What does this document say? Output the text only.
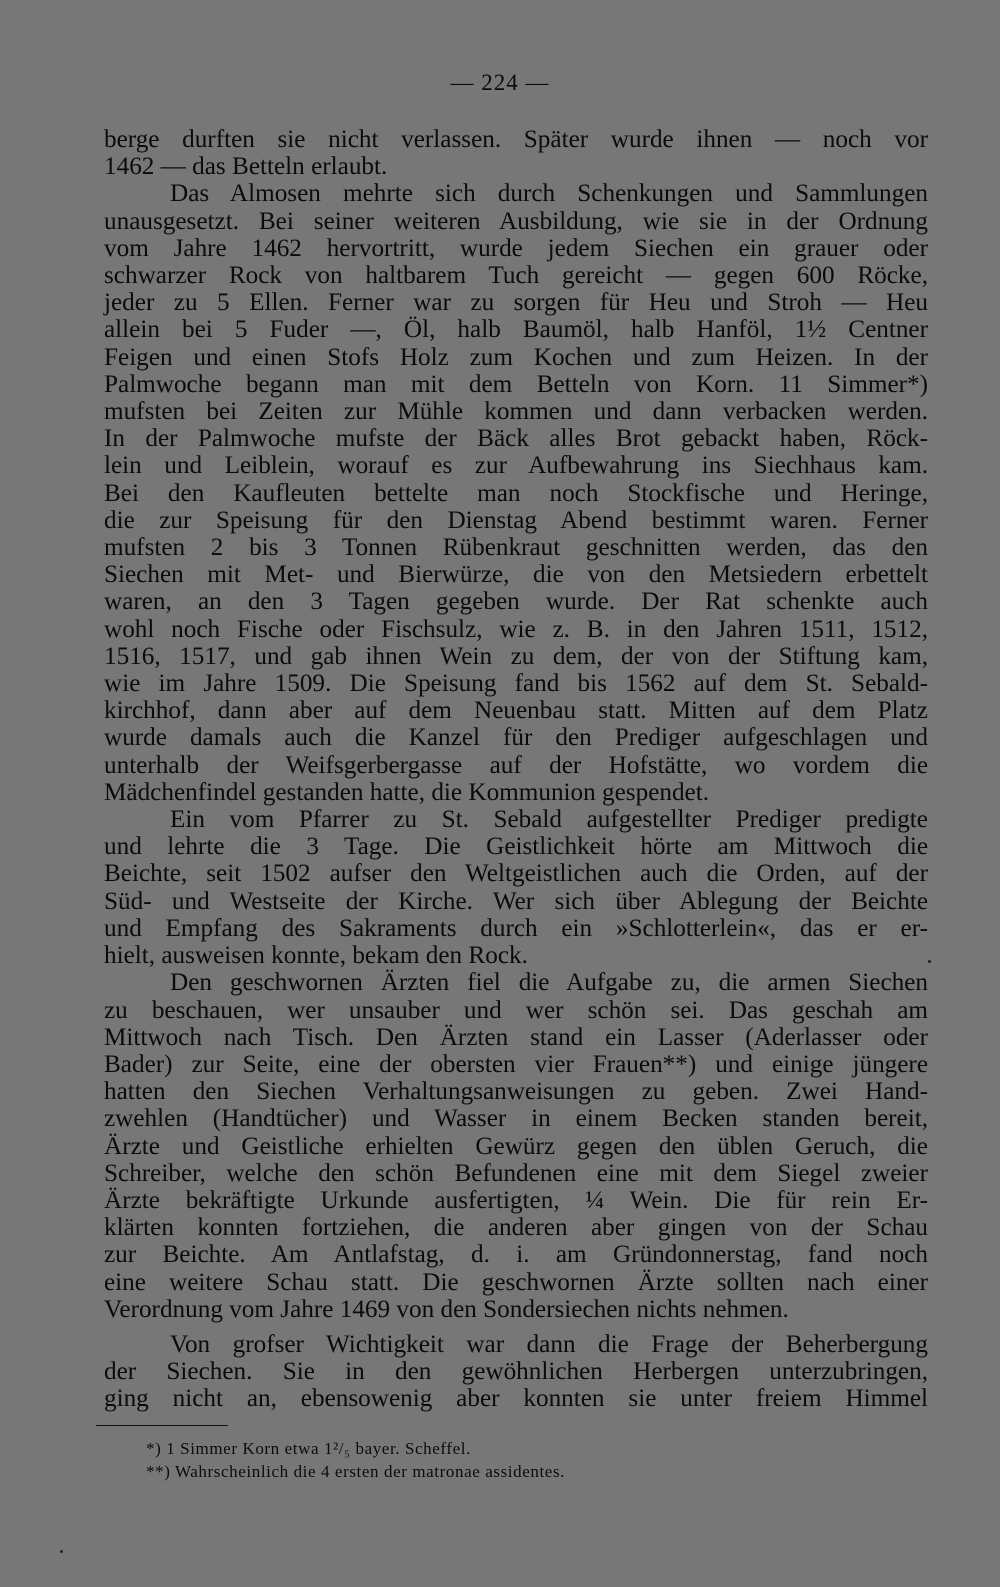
— 224 —

berge durften sie nicht verlassen. Später wurde ihnen — noch vor

1462 — das Betteln erlaubt.

Das Almosen mehrte sich durch Schenkungen und Sammlungen

unausgesetzt. Bei seiner weiteren Ausbildung, wie sie in der Ordnung

vom Jahre 1462 hervortritt, wurde jedem Siechen ein grauer oder

schwarzer Rock von haltbarem Tuch gereicht — gegen 600 Röcke,

jeder zu 5 Ellen. Ferner war zu sorgen für Heu und Stroh — Heu

allein bei 5 Fuder —, Öl, halb Baumöl, halb Hanföl, 1½ Centner

Feigen und einen Stofs Holz zum Kochen und zum Heizen. In der

Palmwoche begann man mit dem Betteln von Korn. 11 Simmer*)

mufsten bei Zeiten zur Mühle kommen und dann verbacken werden.

In der Palmwoche mufste der Bäck alles Brot gebackt haben, Röck-

lein und Leiblein, worauf es zur Aufbewahrung ins Siechhaus kam.

Bei den Kaufleuten bettelte man noch Stockfische und Heringe,

die zur Speisung für den Dienstag Abend bestimmt waren. Ferner

mufsten 2 bis 3 Tonnen Rübenkraut geschnitten werden, das den

Siechen mit Met- und Bierwürze, die von den Metsiedern erbettelt

waren, an den 3 Tagen gegeben wurde. Der Rat schenkte auch

wohl noch Fische oder Fischsulz, wie z. B. in den Jahren 1511, 1512,

1516, 1517, und gab ihnen Wein zu dem, der von der Stiftung kam,

wie im Jahre 1509. Die Speisung fand bis 1562 auf dem St. Sebald-

kirchhof, dann aber auf dem Neuenbau statt. Mitten auf dem Platz

wurde damals auch die Kanzel für den Prediger aufgeschlagen und

unterhalb der Weifsgerbergasse auf der Hofstätte, wo vordem die

Mädchenfindel gestanden hatte, die Kommunion gespendet.

Ein vom Pfarrer zu St. Sebald aufgestellter Prediger predigte

und lehrte die 3 Tage. Die Geistlichkeit hörte am Mittwoch die

Beichte, seit 1502 aufser den Weltgeistlichen auch die Orden, auf der

Süd- und Westseite der Kirche. Wer sich über Ablegung der Beichte

und Empfang des Sakraments durch ein »Schlotterlein«, das er er-

hielt, ausweisen konnte, bekam den Rock.

Den geschwornen Ärzten fiel die Aufgabe zu, die armen Siechen

zu beschauen, wer unsauber und wer schön sei. Das geschah am

Mittwoch nach Tisch. Den Ärzten stand ein Lasser (Aderlasser oder

Bader) zur Seite, eine der obersten vier Frauen**) und einige jüngere

hatten den Siechen Verhaltungsanweisungen zu geben. Zwei Hand-

zwehlen (Handtücher) und Wasser in einem Becken standen bereit,

Ärzte und Geistliche erhielten Gewürz gegen den üblen Geruch, die

Schreiber, welche den schön Befundenen eine mit dem Siegel zweier

Ärzte bekräftigte Urkunde ausfertigten, ¼ Wein. Die für rein Er-

klärten konnten fortziehen, die anderen aber gingen von der Schau

zur Beichte. Am Antlafstag, d. i. am Gründonnerstag, fand noch

eine weitere Schau statt. Die geschwornen Ärzte sollten nach einer

Verordnung vom Jahre 1469 von den Sondersiechen nichts nehmen.

Von grofser Wichtigkeit war dann die Frage der Beherbergung

der Siechen. Sie in den gewöhnlichen Herbergen unterzubringen,

ging nicht an, ebensowenig aber konnten sie unter freiem Himmel

*) 1 Simmer Korn etwa 1²/₅ bayer. Scheffel.

**) Wahrscheinlich die 4 ersten der matronae assidentes.
